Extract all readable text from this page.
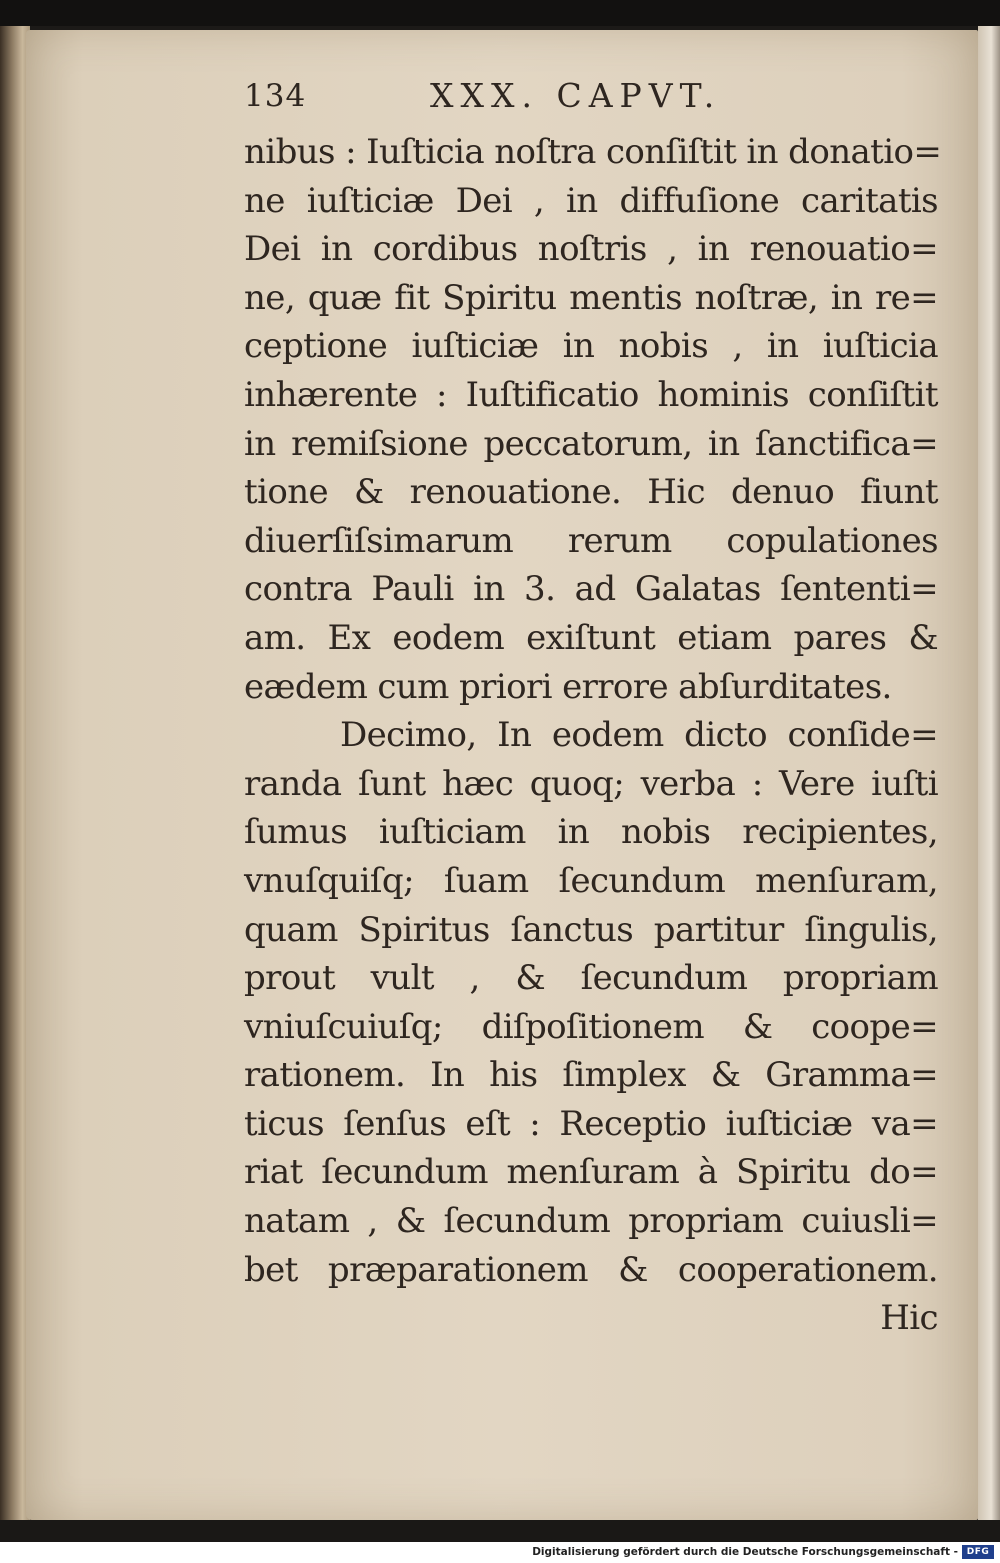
134	XXX. CAPVT.
nibus : Iuſticia noſtra conſiſtit in donatio=
ne iuſticiæ Dei , in diffuſione caritatis
Dei in cordibus noſtris , in renouatio=
ne, quæ fit Spiritu mentis noſtræ, in re=
ceptione iuſticiæ in nobis , in iuſticia
inhærente : Iuſtificatio hominis conſiſtit
in remiſsione peccatorum, in ſanctifica=
tione & renouatione. Hic denuo fiunt
diuerſiſsimarum rerum copulationes
contra Pauli in 3. ad Galatas ſententi=
am. Ex eodem exiſtunt etiam pares &
eædem cum priori errore abſurditates.
Decimo, In eodem dicto conſide=
randa ſunt hæc quoq; verba : Vere iuſti
ſumus iuſticiam in nobis recipientes,
vnuſquiſq; ſuam ſecundum menſuram,
quam Spiritus ſanctus partitur ſingulis,
prout vult , & ſecundum propriam
vniuſcuiuſq; diſpoſitionem & coope=
rationem. In his ſimplex & Gramma=
ticus ſenſus eſt : Receptio iuſticiæ va=
riat ſecundum menſuram à Spiritu do=
natam , & ſecundum propriam cuiusli=
bet præparationem & cooperationem.
Hic
Digitalisierung gefördert durch die Deutsche Forschungsgemeinschaft - DFG
